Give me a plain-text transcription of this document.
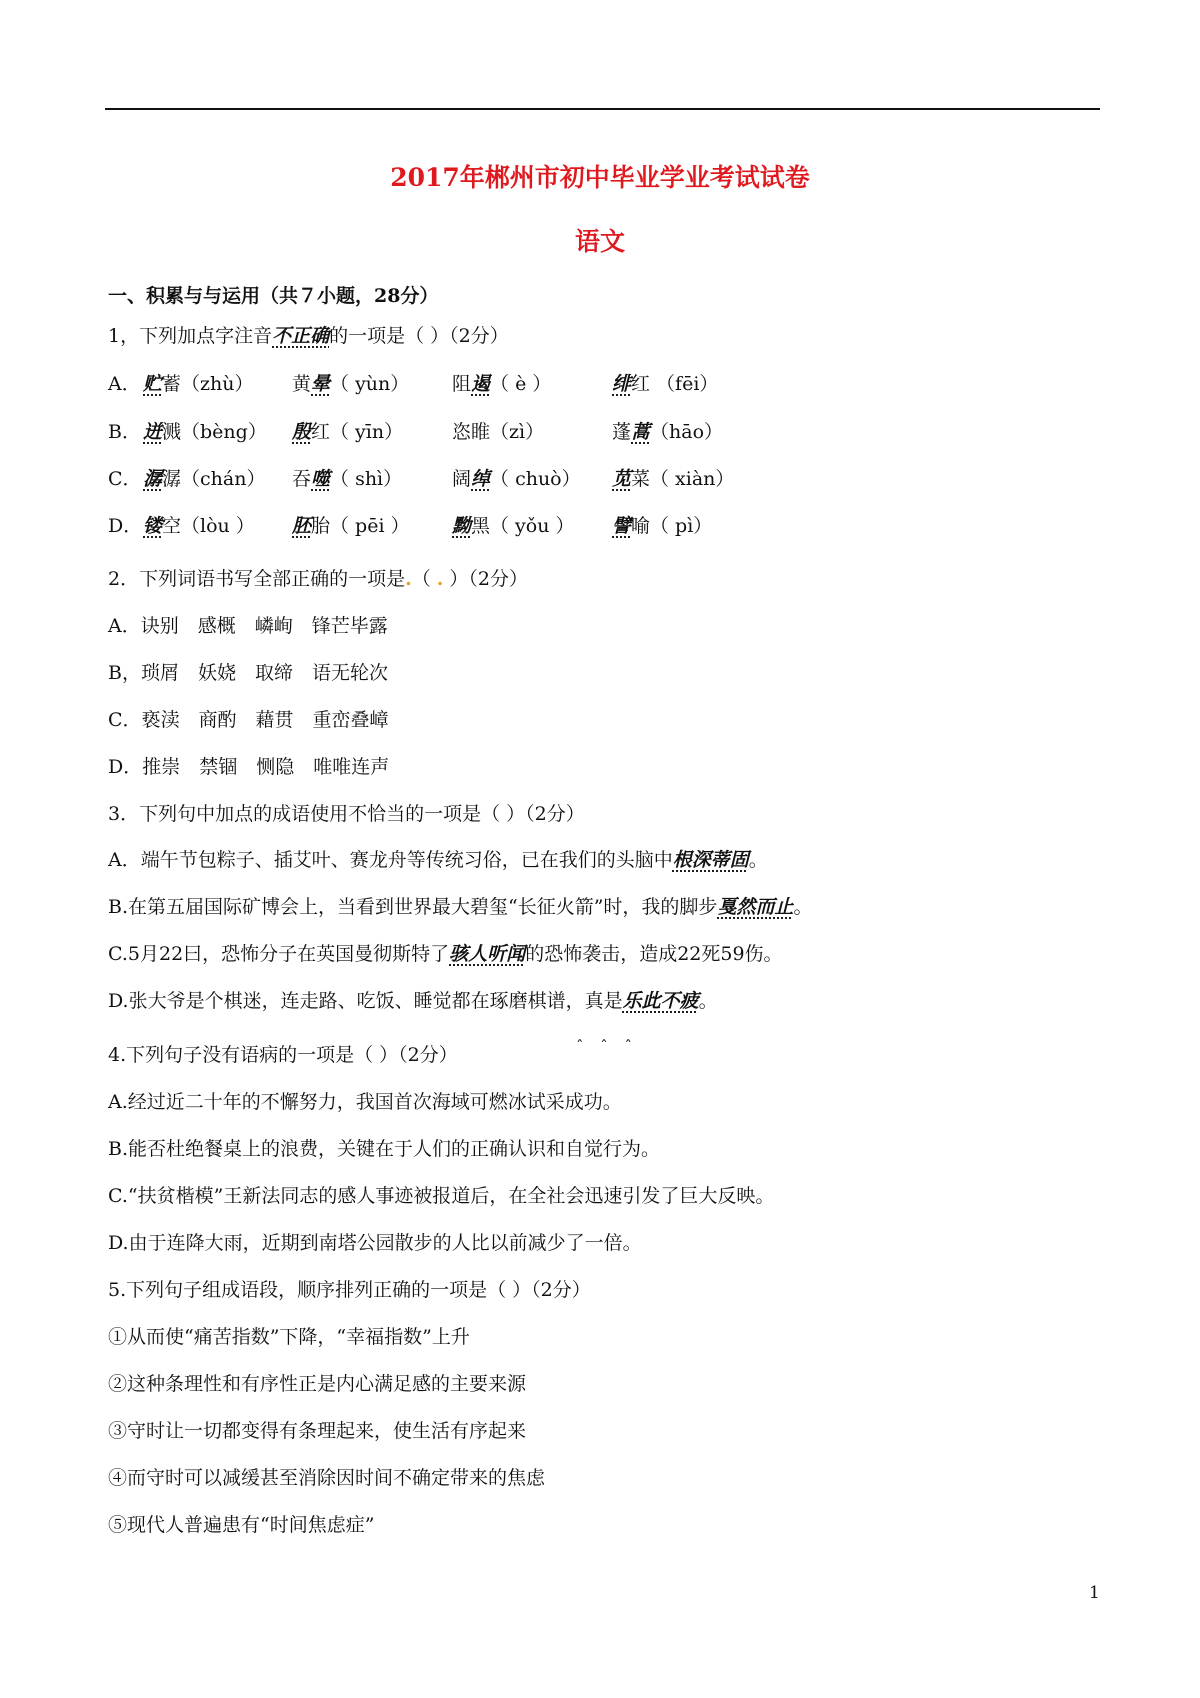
2017年郴州市初中毕业学业考试试卷
语文
一、积累与与运用（共７小题，28分）
1，下列加点字注音不正确的一项是（ ）（2分）
A． 贮蓄（zhù） 黄晕（ yùn） 阻遏（ è ）	绯红 （fēi）
B． 迸溅（bèng） 殷红（ yīn）	恣睢（zì）	蓬蒿（hāo）
C． 潺潺（chán） 吞噬（ shì）	阔绰（ chuò） 苋菜（ xiàn）
D． 镂空（lòu ） 胚胎（ pēi ） 黝黑（ yǒu ） 譬喻（ pì）
2．下列词语书写全部正确的一项是.（ . ）（2分）
A．诀别　感概　嶙峋　锋芒毕露
B，琐屑　妖娆　取缔　语无轮次
C．亵渎　商酌　藉贯　重峦叠嶂
D．推崇　禁锢　恻隐　唯唯连声
3．下列句中加点的成语使用不恰当的一项是（ ）（2分）
A．端午节包粽子、插艾叶、赛龙舟等传统习俗，已在我们的头脑中根深蒂固。
B.在第五届国际矿博会上，当看到世界最大碧玺“长征火箭”时，我的脚步戛然而止。
C.5月22曰，恐怖分子在英国曼彻斯特了骇人听闻的恐怖袭击，造成22死59伤。
D.张大爷是个棋迷，连走路、吃饭、睡觉都在琢磨棋谱，真是乐此不疲。
4.下列句子没有语病的一项是（ ）（2分）	ˆ ˆ ˆ
A.经过近二十年的不懈努力，我国首次海域可燃冰试采成功。
B.能否杜绝餐桌上的浪费，关键在于人们的正确认识和自觉行为。
C.“扶贫楷模”王新法同志的感人事迹被报道后，在全社会迅速引发了巨大反映。
D.由于连降大雨，近期到南塔公园散步的人比以前减少了一倍。
5.下列句子组成语段，顺序排列正确的一项是（ ）（2分）
①从而使“痛苦指数”下降，“幸福指数”上升
②这种条理性和有序性正是内心满足感的主要来源
③守时让一切都变得有条理起来，使生活有序起来
④而守时可以减缓甚至消除因时间不确定带来的焦虑
⑤现代人普遍患有“时间焦虑症”
1
